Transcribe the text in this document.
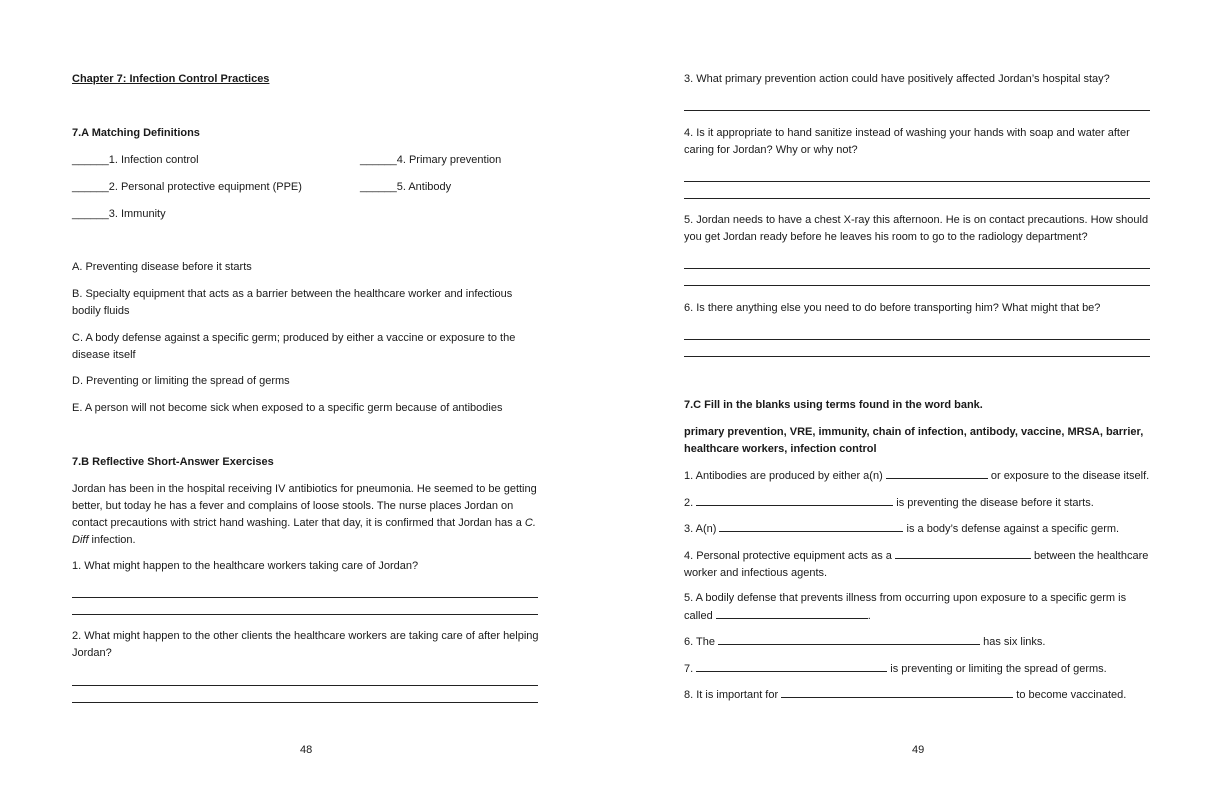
Chapter 7: Infection Control Practices

7.A Matching Definitions

______1. Infection control
______2. Personal protective equipment (PPE)
______3. Immunity
______4. Primary prevention
______5. Antibody

A. Preventing disease before it starts

B. Specialty equipment that acts as a barrier between the healthcare worker and infectious bodily fluids

C. A body defense against a specific germ; produced by either a vaccine or exposure to the disease itself

D. Preventing or limiting the spread of germs

E. A person will not become sick when exposed to a specific germ because of antibodies

7.B Reflective Short-Answer Exercises

Jordan has been in the hospital receiving IV antibiotics for pneumonia. He seemed to be getting better, but today he has a fever and complains of loose stools. The nurse places Jordan on contact precautions with strict hand washing. Later that day, it is confirmed that Jordan has a C. Diff infection.

1. What might happen to the healthcare workers taking care of Jordan?

2. What might happen to the other clients the healthcare workers are taking care of after helping Jordan?

48

3. What primary prevention action could have positively affected Jordan’s hospital stay?

4. Is it appropriate to hand sanitize instead of washing your hands with soap and water after caring for Jordan? Why or why not?

5. Jordan needs to have a chest X-ray this afternoon. He is on contact precautions. How should you get Jordan ready before he leaves his room to go to the radiology department?

6. Is there anything else you need to do before transporting him? What might that be?

7.C Fill in the blanks using terms found in the word bank.

primary prevention, VRE, immunity, chain of infection, antibody, vaccine, MRSA, barrier, healthcare workers, infection control

1. Antibodies are produced by either a(n)	or exposure to the disease itself.

2.	is preventing the disease before it starts.

3. A(n)	is a body’s defense against a specific germ.

4. Personal protective equipment acts as a	between the healthcare worker and infectious agents.

5. A bodily defense that prevents illness from occurring upon exposure to a specific germ is called	.

6. The	has six links.

7.	is preventing or limiting the spread of germs.

8. It is important for	to become vaccinated.

49
